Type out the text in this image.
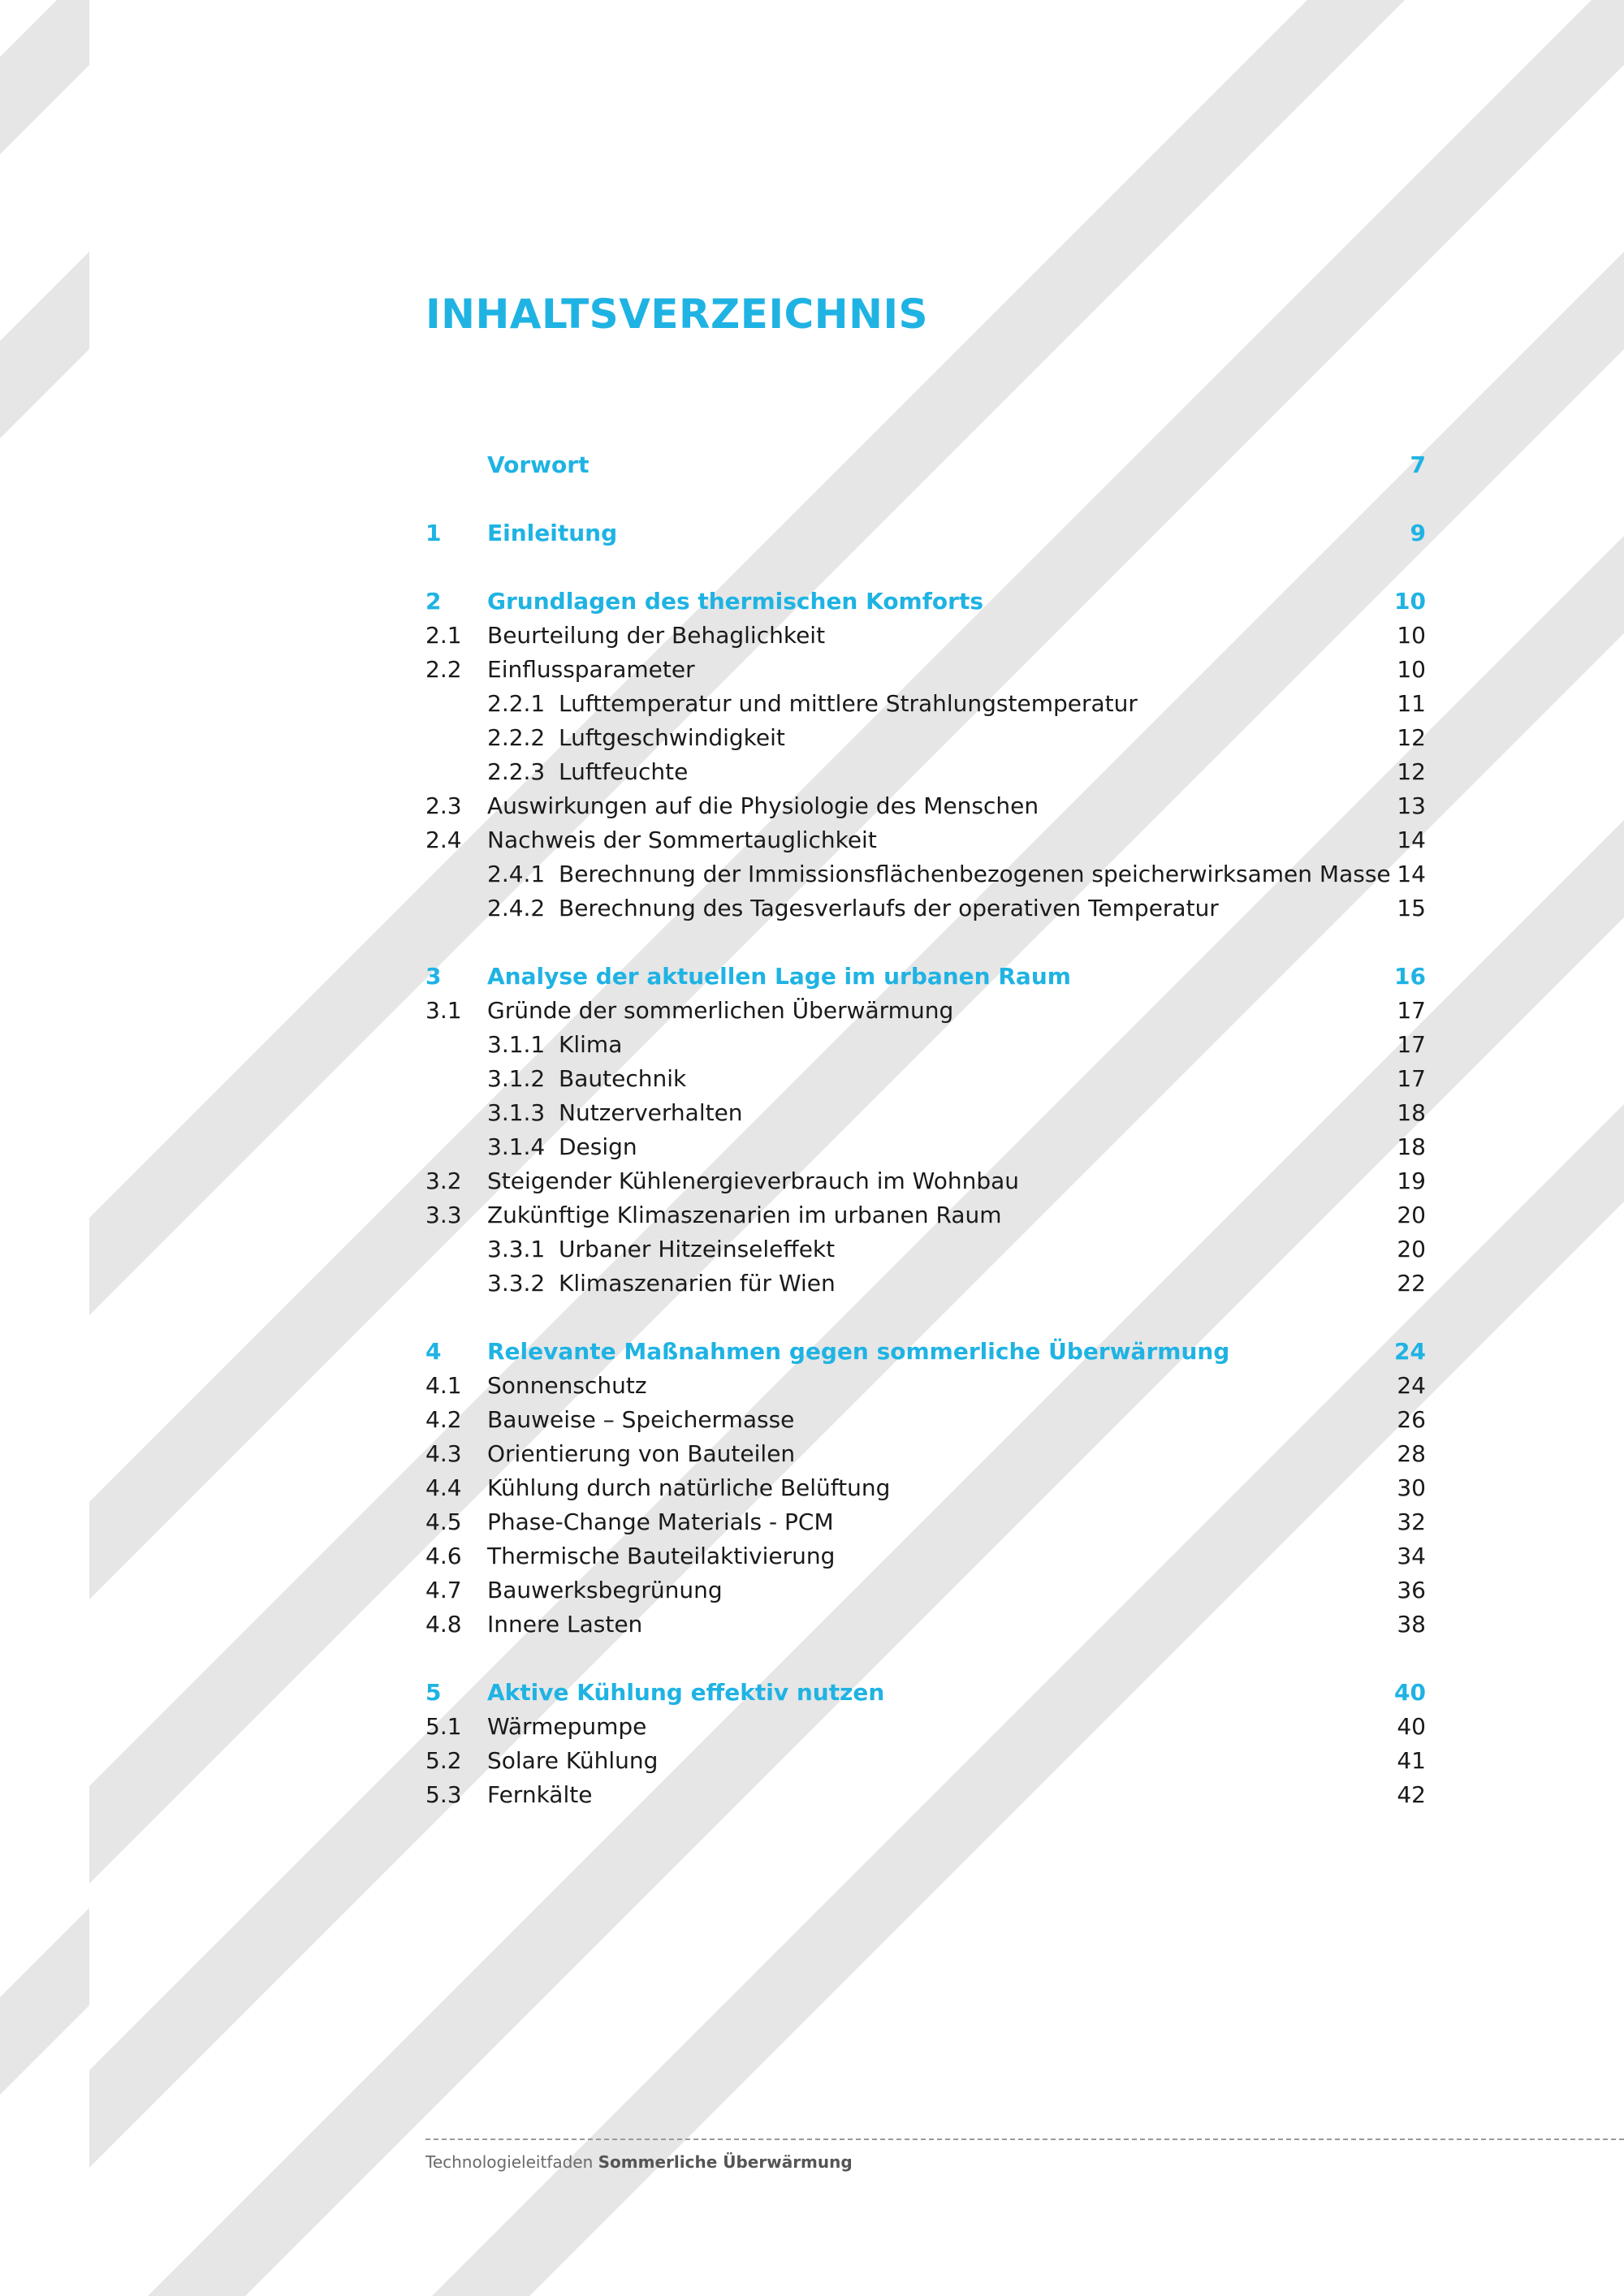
INHALTSVERZEICHNIS
Vorwort	7
1 Einleitung	9
2 Grundlagen des thermischen Komforts	10
2.1 Beurteilung der Behaglichkeit	10
2.2 Einflussparameter	10
2.2.1 Lufttemperatur und mittlere Strahlungstemperatur	11
2.2.2 Luftgeschwindigkeit	12
2.2.3 Luftfeuchte	12
2.3 Auswirkungen auf die Physiologie des Menschen	13
2.4 Nachweis der Sommertauglichkeit	14
2.4.1 Berechnung der Immissionsflächenbezogenen speicherwirksamen Masse 14
2.4.2 Berechnung des Tagesverlaufs der operativen Temperatur	15
3 Analyse der aktuellen Lage im urbanen Raum	16
3.1 Gründe der sommerlichen Überwärmung	17
3.1.1 Klima	17
3.1.2 Bautechnik	17
3.1.3 Nutzerverhalten	18
3.1.4 Design	18
3.2 Steigender Kühlenergieverbrauch im Wohnbau	19
3.3 Zukünftige Klimaszenarien im urbanen Raum	20
3.3.1 Urbaner Hitzeinseleffekt	20
3.3.2 Klimaszenarien für Wien	22
4 Relevante Maßnahmen gegen sommerliche Überwärmung	24
4.1 Sonnenschutz	24
4.2 Bauweise – Speichermasse	26
4.3 Orientierung von Bauteilen	28
4.4 Kühlung durch natürliche Belüftung	30
4.5 Phase-Change Materials - PCM	32
4.6 Thermische Bauteilaktivierung	34
4.7 Bauwerksbegrünung	36
4.8 Innere Lasten	38
5 Aktive Kühlung effektiv nutzen	40
5.1 Wärmepumpe	40
5.2 Solare Kühlung	41
5.3 Fernkälte	42
Technologieleitfaden Sommerliche Überwärmung
